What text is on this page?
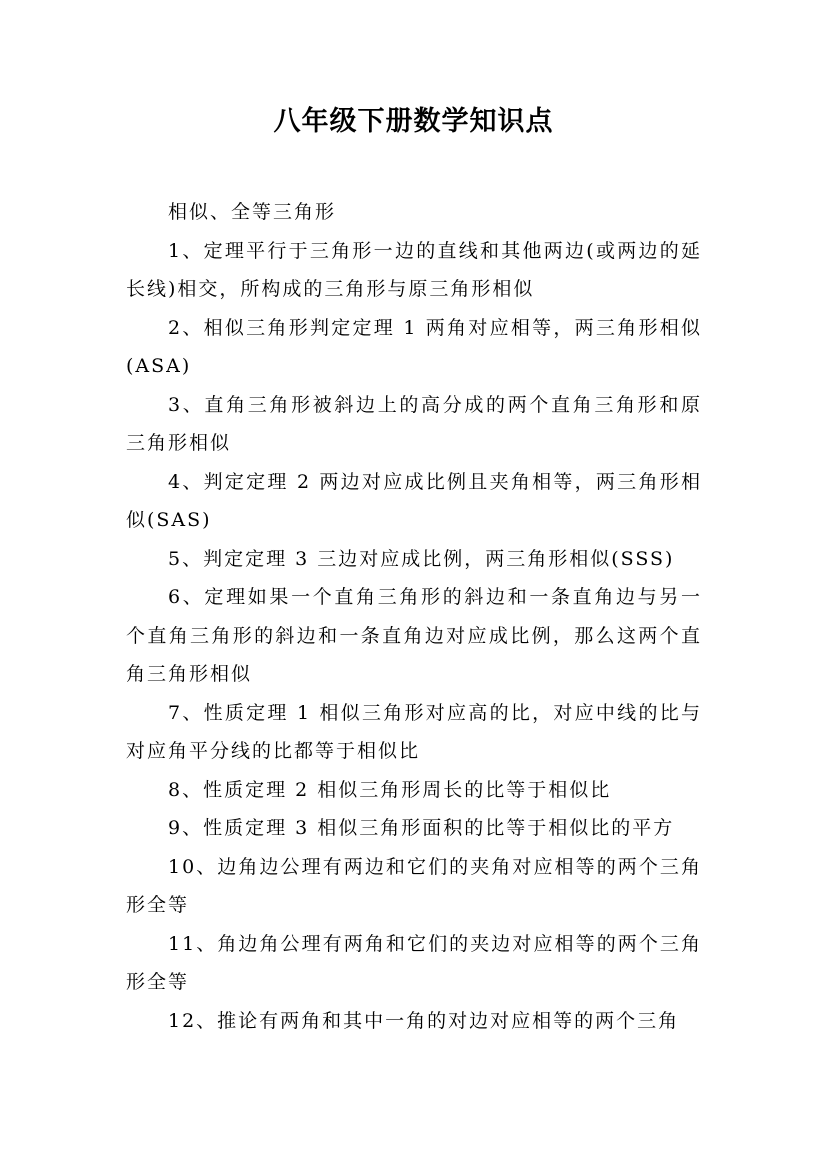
八年级下册数学知识点

相似、全等三角形

1、定理平行于三角形一边的直线和其他两边(或两边的延长线)相交，所构成的三角形与原三角形相似

2、相似三角形判定定理 1 两角对应相等，两三角形相似(ASA)

3、直角三角形被斜边上的高分成的两个直角三角形和原三角形相似

4、判定定理 2 两边对应成比例且夹角相等，两三角形相似(SAS)

5、判定定理 3 三边对应成比例，两三角形相似(SSS)

6、定理如果一个直角三角形的斜边和一条直角边与另一个直角三角形的斜边和一条直角边对应成比例，那么这两个直角三角形相似

7、性质定理 1 相似三角形对应高的比，对应中线的比与对应角平分线的比都等于相似比

8、性质定理 2 相似三角形周长的比等于相似比

9、性质定理 3 相似三角形面积的比等于相似比的平方

10、边角边公理有两边和它们的夹角对应相等的两个三角形全等

11、角边角公理有两角和它们的夹边对应相等的两个三角形全等

12、推论有两角和其中一角的对边对应相等的两个三角
